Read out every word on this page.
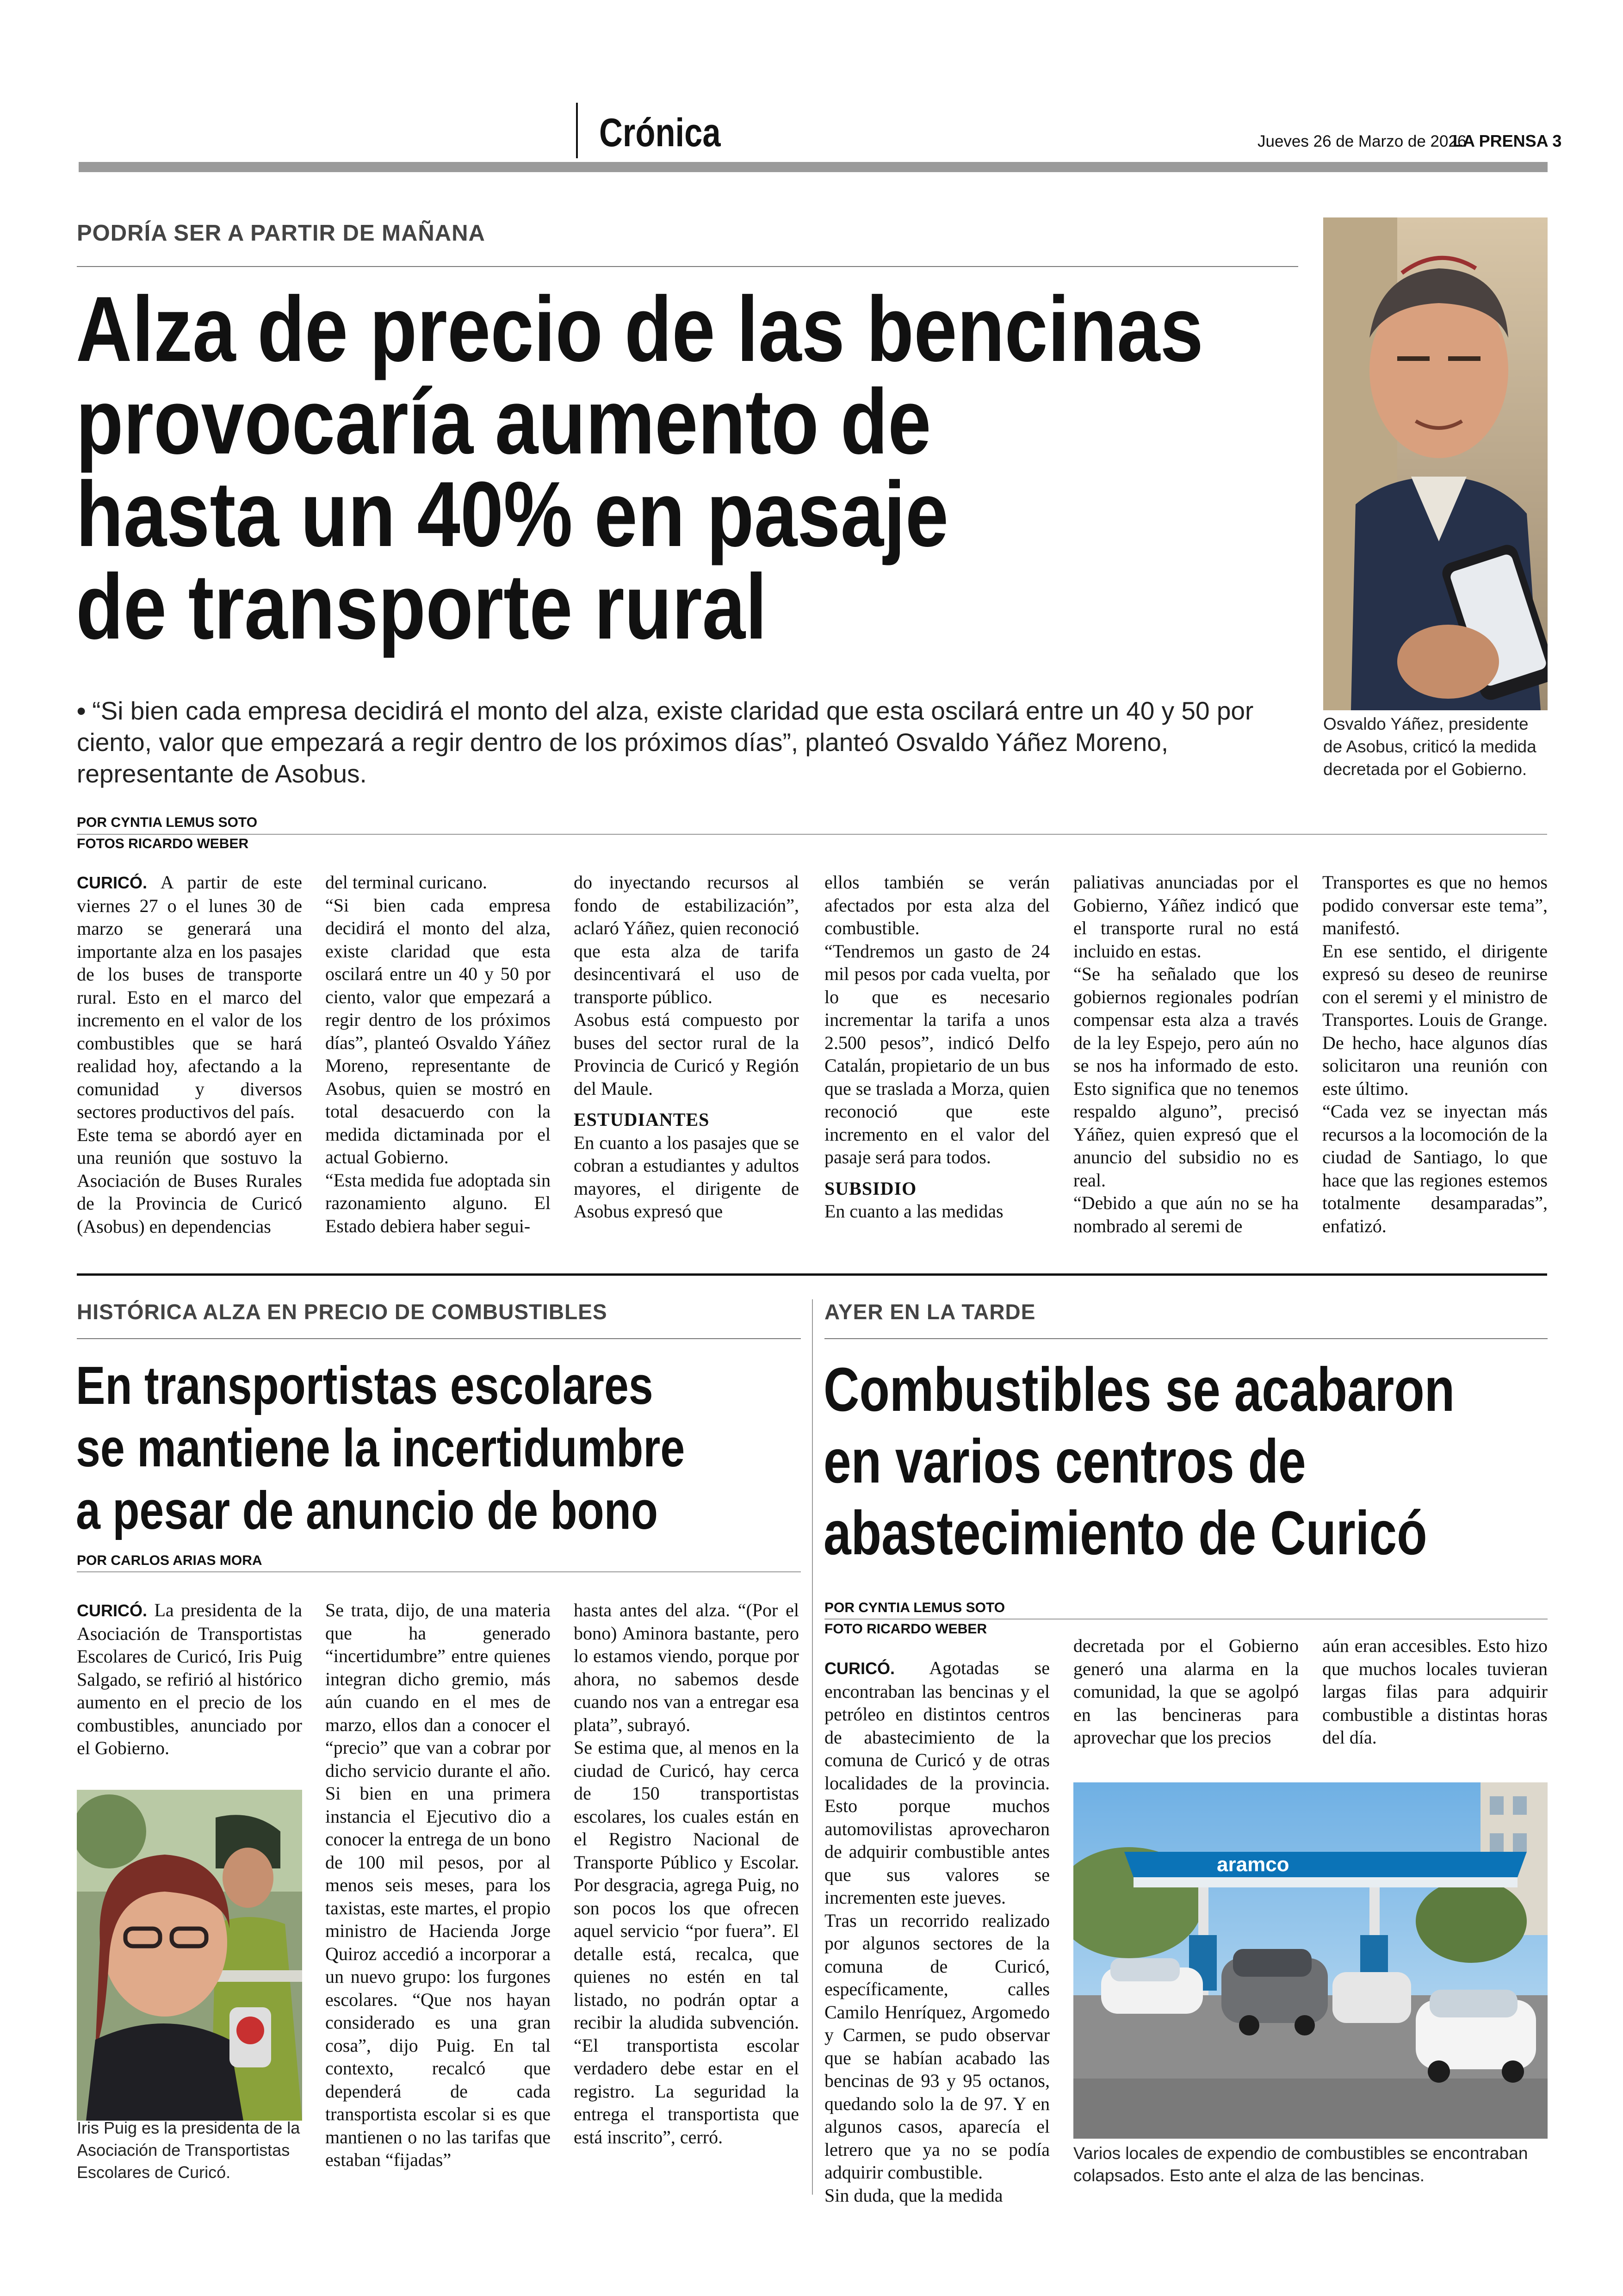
Crónica	Jueves 26 de Marzo de 2026
LA PRENSA 3
PODRÍA SER A PARTIR DE MAÑANA
Alza de precio de las bencinas
provocaría aumento de
hasta un 40% en pasaje
de transporte rural
• “Si bien cada empresa decidirá el monto del alza, existe claridad que esta oscilará entre un 40 y 50 por ciento, valor que empezará a regir dentro de los próximos días”, planteó Osvaldo Yáñez Moreno, representante de Asobus.
POR CYNTIA LEMUS SOTO
FOTOS RICARDO WEBER
Osvaldo Yáñez, presidente de Asobus, criticó la medida decretada por el Gobierno.

CURICÓ. A partir de este viernes 27 o el lunes 30 de marzo se generará una importante alza en los pasajes de los buses de transporte rural. Esto en el marco del incremento en el valor de los combustibles que se hará realidad hoy, afectando a la comunidad y diversos sectores productivos del país.

Este tema se abordó ayer en una reunión que sostuvo la Asociación de Buses Rurales de la Provincia de Curicó (Asobus) en dependencias

del terminal curicano.

“Si bien cada empresa decidirá el monto del alza, existe claridad que esta oscilará entre un 40 y 50 por ciento, valor que empezará a regir dentro de los próximos días”, planteó Osvaldo Yáñez Moreno, representante de Asobus, quien se mostró en total desacuerdo con la medida dictaminada por el actual Gobierno.

“Esta medida fue adoptada sin razonamiento alguno. El Estado debiera haber segui-

do inyectando recursos al fondo de estabilización”, aclaró Yáñez, quien reconoció que esta alza de tarifa desincentivará el uso de transporte público.

Asobus está compuesto por buses del sector rural de la Provincia de Curicó y Región del Maule.

ESTUDIANTES

En cuanto a los pasajes que se cobran a estudiantes y adultos mayores, el dirigente de Asobus expresó que

ellos también se verán afectados por esta alza del combustible.

“Tendremos un gasto de 24 mil pesos por cada vuelta, por lo que es necesario incrementar la tarifa a unos 2.500 pesos”, indicó Delfo Catalán, propietario de un bus que se traslada a Morza, quien reconoció que este incremento en el valor del pasaje será para todos.

SUBSIDIO

En cuanto a las medidas

paliativas anunciadas por el Gobierno, Yáñez indicó que el transporte rural no está incluido en estas.

“Se ha señalado que los gobiernos regionales podrían compensar esta alza a través de la ley Espejo, pero aún no se nos ha informado de esto. Esto significa que no tenemos respaldo alguno”, precisó Yáñez, quien expresó que el anuncio del subsidio no es real.

“Debido a que aún no se ha nombrado al seremi de

Transportes es que no hemos podido conversar este tema”, manifestó.

En ese sentido, el dirigente expresó su deseo de reunirse con el seremi y el ministro de Transportes. Louis de Grange. De hecho, hace algunos días solicitaron una reunión con este último.

“Cada vez se inyectan más recursos a la locomoción de la ciudad de Santiago, lo que hace que las regiones estemos totalmente desamparadas”, enfatizó.

HISTÓRICA ALZA EN PRECIO DE COMBUSTIBLES
En transportistas escolares
se mantiene la incertidumbre
a pesar de anuncio de bono
POR CARLOS ARIAS MORA

CURICÓ. La presidenta de la Asociación de Transportistas Escolares de Curicó, Iris Puig Salgado, se refirió al histórico aumento en el precio de los combustibles, anunciado por el Gobierno.

Iris Puig es la presidenta de la Asociación de Transportistas Escolares de Curicó.

Se trata, dijo, de una materia que ha generado “incertidumbre” entre quienes integran dicho gremio, más aún cuando en el mes de marzo, ellos dan a conocer el “precio” que van a cobrar por dicho servicio durante el año. Si bien en una primera instancia el Ejecutivo dio a conocer la entrega de un bono de 100 mil pesos, por al menos seis meses, para los taxistas, este martes, el propio ministro de Hacienda Jorge Quiroz accedió a incorporar a un nuevo grupo: los furgones escolares. “Que nos hayan considerado es una gran cosa”, dijo Puig. En tal contexto, recalcó que dependerá de cada transportista escolar si es que mantienen o no las tarifas que estaban “fijadas”

hasta antes del alza. “(Por el bono) Aminora bastante, pero lo estamos viendo, porque por ahora, no sabemos desde cuando nos van a entregar esa plata”, subrayó.

Se estima que, al menos en la ciudad de Curicó, hay cerca de 150 transportistas escolares, los cuales están en el Registro Nacional de Transporte Público y Escolar. Por desgracia, agrega Puig, no son pocos los que ofrecen aquel servicio “por fuera”. El detalle está, recalca, que quienes no estén en tal listado, no podrán optar a recibir la aludida subvención. “El transportista escolar verdadero debe estar en el registro. La seguridad la entrega el transportista que está inscrito”, cerró.

AYER EN LA TARDE
Combustibles se acabaron
en varios centros de
abastecimiento de Curicó
POR CYNTIA LEMUS SOTO
FOTO RICARDO WEBER

CURICÓ. Agotadas se encontraban las bencinas y el petróleo en distintos centros de abastecimiento de la comuna de Curicó y de otras localidades de la provincia. Esto porque muchos automovilistas aprovecharon de adquirir combustible antes que sus valores se incrementen este jueves.

Tras un recorrido realizado por algunos sectores de la comuna de Curicó, específicamente, calles Camilo Henríquez, Argomedo y Carmen, se pudo observar que se habían acabado las bencinas de 93 y 95 octanos, quedando solo la de 97. Y en algunos casos, aparecía el letrero que ya no se podía adquirir combustible.

Sin duda, que la medida

decretada por el Gobierno generó una alarma en la comunidad, la que se agolpó en las bencineras para aprovechar que los precios

aún eran accesibles. Esto hizo que muchos locales tuvieran largas filas para adquirir combustible a distintas horas del día.

aramco
Varios locales de expendio de combustibles se encontraban colapsados. Esto ante el alza de las bencinas.
